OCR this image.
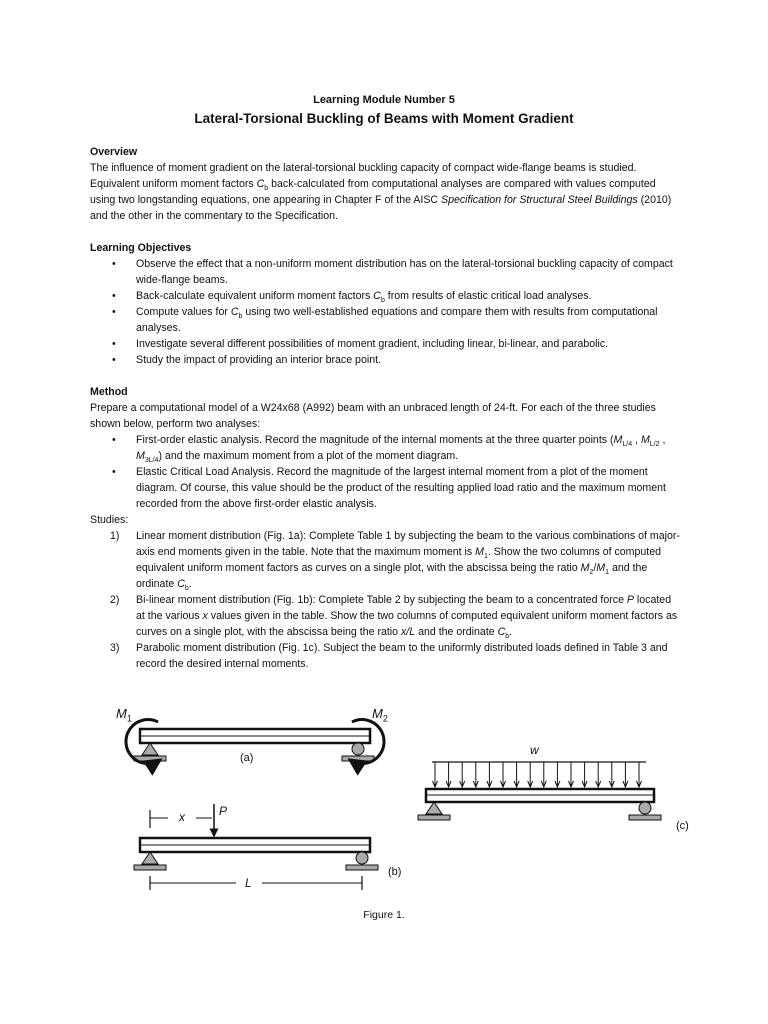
Learning Module Number 5
Lateral-Torsional Buckling of Beams with Moment Gradient

Overview

The influence of moment gradient on the lateral-torsional buckling capacity of compact wide-flange beams is studied. Equivalent uniform moment factors $C_b$ back-calculated from computational analyses are compared with values computed using two longstanding equations, one appearing in Chapter F of the AISC Specification for Structural Steel Buildings (2010) and the other in the commentary to the Specification.

Learning Objectives

• Observe the effect that a non-uniform moment distribution has on the lateral-torsional buckling capacity of compact wide-flange beams.
• Back-calculate equivalent uniform moment factors $C_b$ from results of elastic critical load analyses.
• Compute values for $C_b$ using two well-established equations and compare them with results from computational analyses.
• Investigate several different possibilities of moment gradient, including linear, bi-linear, and parabolic.
• Study the impact of providing an interior brace point.

Method

Prepare a computational model of a W24x68 (A992) beam with an unbraced length of 24-ft. For each of the three studies shown below, perform two analyses:

• First-order elastic analysis. Record the magnitude of the internal moments at the three quarter points ($M_{L/4}$ , $M_{L/2}$ , $M_{3L/4}$) and the maximum moment from a plot of the moment diagram.
• Elastic Critical Load Analysis. Record the magnitude of the largest internal moment from a plot of the moment diagram. Of course, this value should be the product of the resulting applied load ratio and the maximum moment recorded from the above first-order elastic analysis.

Studies:

1) Linear moment distribution (Fig. 1a): Complete Table 1 by subjecting the beam to the various combinations of major-axis end moments given in the table. Note that the maximum moment is $M_1$. Show the two columns of computed equivalent uniform moment factors as curves on a single plot, with the abscissa being the ratio $M_2/M_1$ and the ordinate $C_b$.
2) Bi-linear moment distribution (Fig. 1b): Complete Table 2 by subjecting the beam to a concentrated force P located at the various x values given in the table. Show the two columns of computed equivalent uniform moment factors as curves on a single plot, with the abscissa being the ratio x/L and the ordinate $C_b$.
3) Parabolic moment distribution (Fig. 1c). Subject the beam to the uniformly distributed loads defined in Table 3 and record the desired internal moments.
$M_1$	$M_2$
(a)
w
(c)
x	P
L
(b)
Figure 1.
